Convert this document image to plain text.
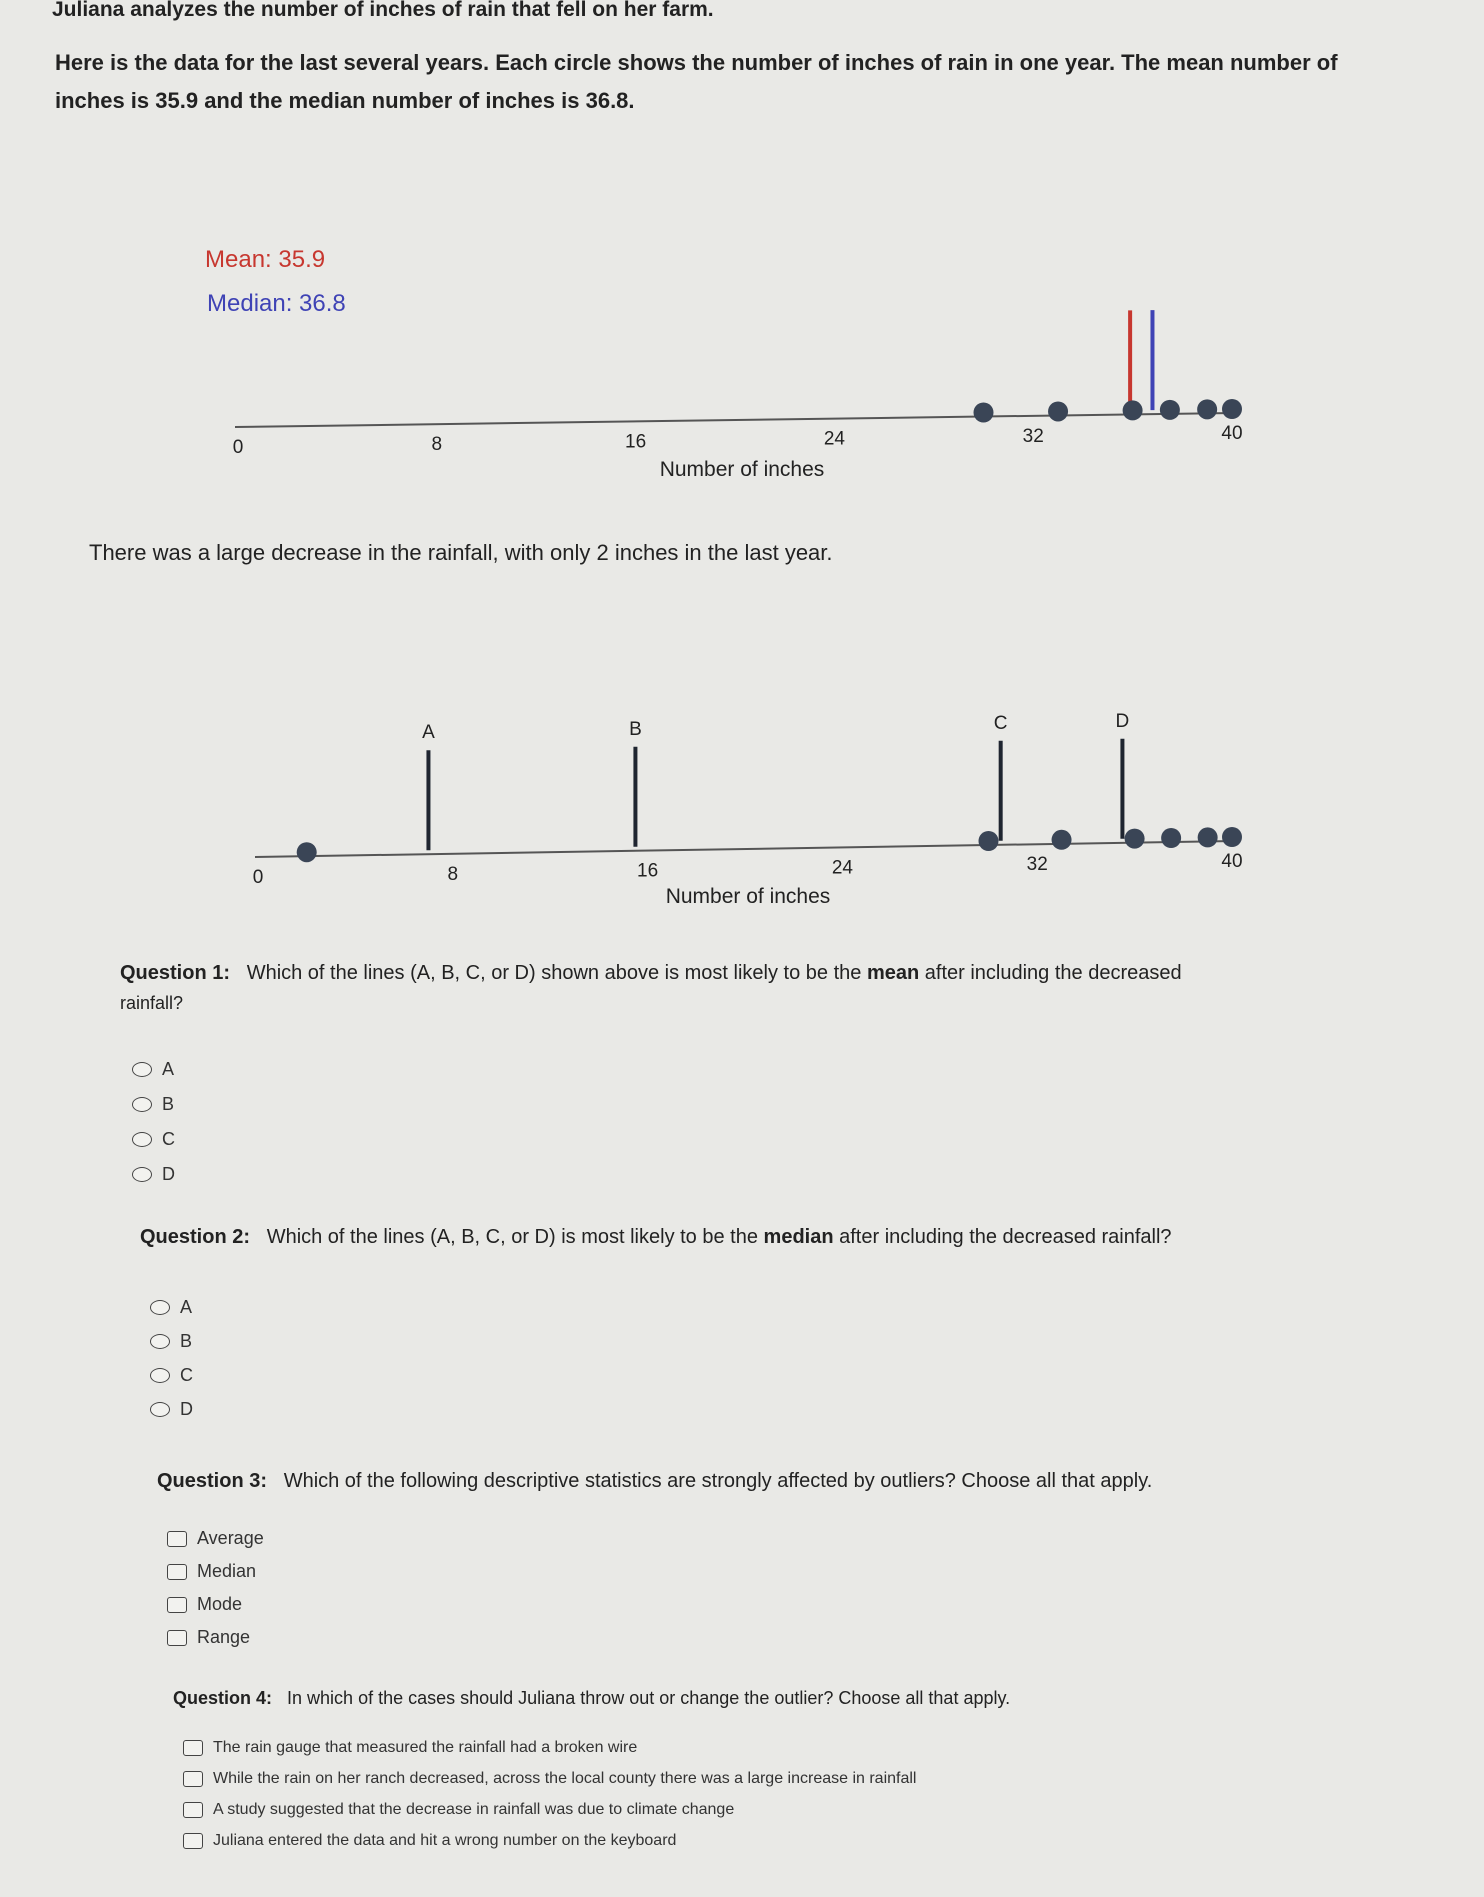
Juliana analyzes the number of inches of rain that fell on her farm.
Here is the data for the last several years. Each circle shows the number of inches of rain in one year. The mean number of inches is 35.9 and the median number of inches is 36.8.
Mean: 35.9
Median: 36.8
0	8	16	24	32	40
Number of inches
There was a large decrease in the rainfall, with only 2 inches in the last year.
0	8	16	24	32	40
A	B	C	D
Number of inches
Question 1: Which of the lines (A, B, C, or D) shown above is most likely to be the mean after including the decreased
rainfall?
A
B
C
D
Question 2: Which of the lines (A, B, C, or D) is most likely to be the median after including the decreased rainfall?
A
B
C
D
Question 3: Which of the following descriptive statistics are strongly affected by outliers? Choose all that apply.
Average
Median
Mode
Range
Question 4: In which of the cases should Juliana throw out or change the outlier? Choose all that apply.
The rain gauge that measured the rainfall had a broken wire
While the rain on her ranch decreased, across the local county there was a large increase in rainfall
A study suggested that the decrease in rainfall was due to climate change
Juliana entered the data and hit a wrong number on the keyboard
